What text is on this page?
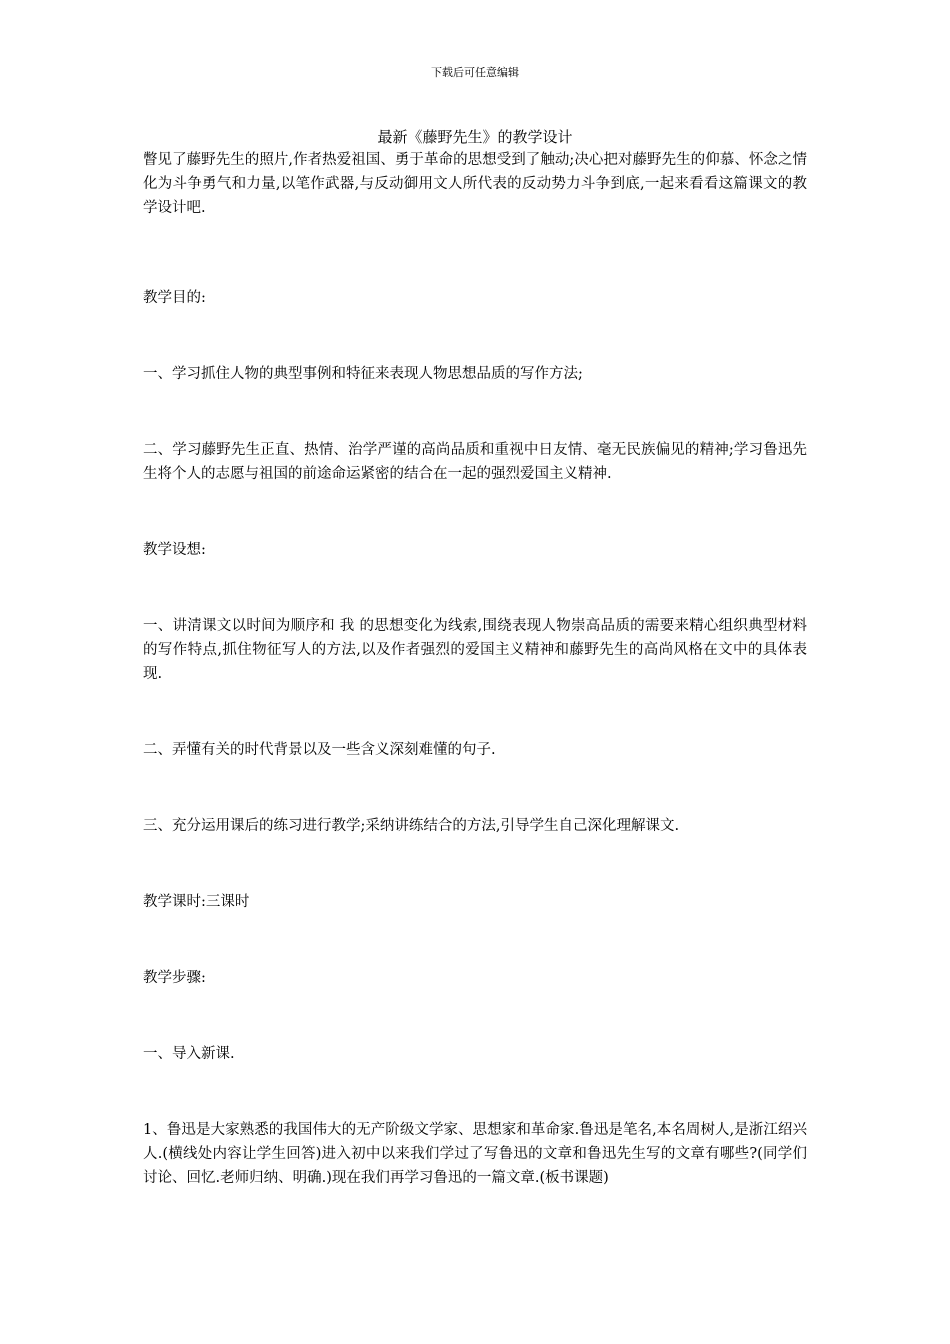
下载后可任意编辑

最新《藤野先生》的教学设计

瞥见了藤野先生的照片,作者热爱祖国、勇于革命的思想受到了触动;决心把对藤野先生的仰慕、怀念之情化为斗争勇气和力量,以笔作武器,与反动御用文人所代表的反动势力斗争到底,一起来看看这篇课文的教学设计吧.

教学目的:

一、学习抓住人物的典型事例和特征来表现人物思想品质的写作方法;

二、学习藤野先生正直、热情、治学严谨的高尚品质和重视中日友情、毫无民族偏见的精神;学习鲁迅先生将个人的志愿与祖国的前途命运紧密的结合在一起的强烈爱国主义精神.

教学设想:

一、讲清课文以时间为顺序和 我 的思想变化为线索,围绕表现人物崇高品质的需要来精心组织典型材料的写作特点,抓住物征写人的方法,以及作者强烈的爱国主义精神和藤野先生的高尚风格在文中的具体表现.

二、弄懂有关的时代背景以及一些含义深刻难懂的句子.

三、充分运用课后的练习进行教学;采纳讲练结合的方法,引导学生自己深化理解课文.

教学课时:三课时

教学步骤:

一、导入新课.

1、鲁迅是大家熟悉的我国伟大的无产阶级文学家、思想家和革命家.鲁迅是笔名,本名周树人,是浙江绍兴人.(横线处内容让学生回答)进入初中以来我们学过了写鲁迅的文章和鲁迅先生写的文章有哪些?(同学们讨论、回忆.老师归纳、明确.)现在我们再学习鲁迅的一篇文章.(板书课题)
